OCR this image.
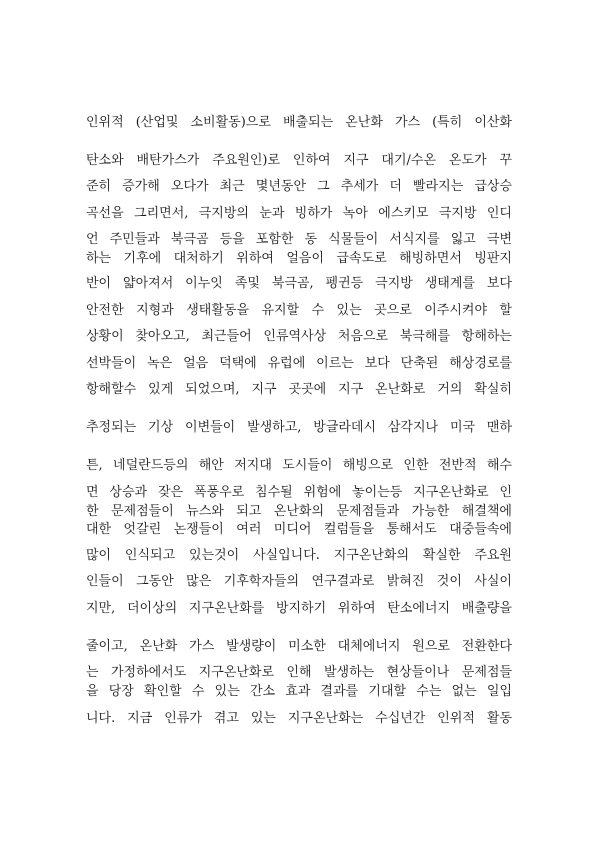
인위적 (산업및 소비활동)으로 배출되는 온난화 가스 (특히 이산화
탄소와 배탄가스가 주요원인)로 인하여 지구 대기/수온 온도가 꾸
준히 증가해 오다가 최근 몇년동안 그 추세가 더 빨라지는 급상승
곡선을 그리면서, 극지방의 눈과 빙하가 녹아 에스키모 극지방 인디
언 주민들과 북극곰 등을 포함한 동 식물들이 서식지를 잃고 극변
하는 기후에 대처하기 위하여 얼음이 급속도로 해빙하면서 빙판지
반이 얇아져서 이누잇 족및 북극곰, 펭귄등 극지방 생태계를 보다
안전한 지형과 생태활동을 유지할 수 있는 곳으로 이주시켜야 할
상황이 찾아오고, 최근들어 인류역사상 처음으로 북극해를 항해하는
선박들이 녹은 얼음 덕택에 유럽에 이르는 보다 단축된 해상경로를
항해할수 있게 되었으며, 지구 곳곳에 지구 온난화로 거의 확실히
추정되는 기상 이변들이 발생하고, 방글라데시 삼각지나 미국 맨하
튼, 네덜란드등의 해안 저지대 도시들이 해빙으로 인한 전반적 해수
면 상승과 잦은 폭풍우로 침수될 위험에 놓이는등 지구온난화로 인
한 문제점들이 뉴스와 되고 온난화의 문제점들과 가능한 해결책에
대한 엇갈린 논쟁들이 여러 미디어 컬럼들을 통해서도 대중들속에
많이 인식되고 있는것이 사실입니다. 지구온난화의 확실한 주요원
인들이 그동안 많은 기후학자들의 연구결과로 밝혀진 것이 사실이
지만, 더이상의 지구온난화를 방지하기 위하여 탄소에너지 배출량을
줄이고, 온난화 가스 발생량이 미소한 대체에너지 원으로 전환한다
는 가정하에서도 지구온난화로 인해 발생하는 현상들이나 문제점들
을 당장 확인할 수 있는 간소 효과 결과를 기대할 수는 없는 일입
니다. 지금 인류가 겪고 있는 지구온난화는 수십년간 인위적 활동
